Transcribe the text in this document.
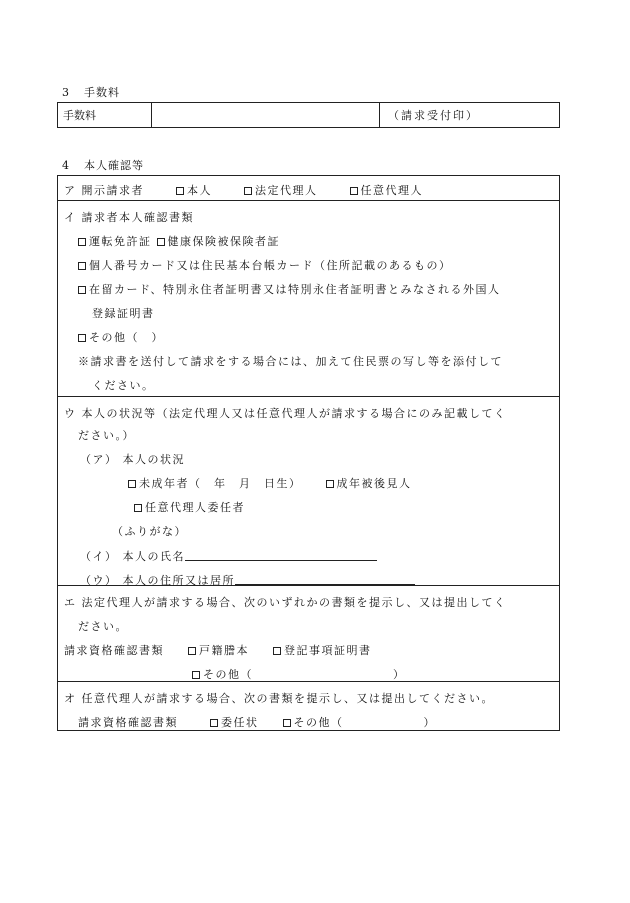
3 手数料
手数料	（請求受付印）
4 本人確認等
ア 開示請求者	本人	法定代理人	任意代理人
イ 請求者本人確認書類
運転免許証 健康保険被保険者証
個人番号カード又は住民基本台帳カード（住所記載のあるもの）
在留カード、特別永住者証明書又は特別永住者証明書とみなされる外国人
登録証明書
その他（　）
※請求書を送付して請求をする場合には、加えて住民票の写し等を添付して
ください。
ウ 本人の状況等（法定代理人又は任意代理人が請求する場合にのみ記載してく
ださい。）
（ア） 本人の状況
未成年者（　年　月　日生）	成年被後見人
任意代理人委任者
（ふりがな）
（イ） 本人の氏名
（ウ） 本人の住所又は居所
エ 法定代理人が請求する場合、次のいずれかの書類を提示し、又は提出してく
ださい。
請求資格確認書類	戸籍謄本	登記事項証明書
その他（	）
オ 任意代理人が請求する場合、次の書類を提示し、又は提出してください。
請求資格確認書類	委任状	その他（	）
